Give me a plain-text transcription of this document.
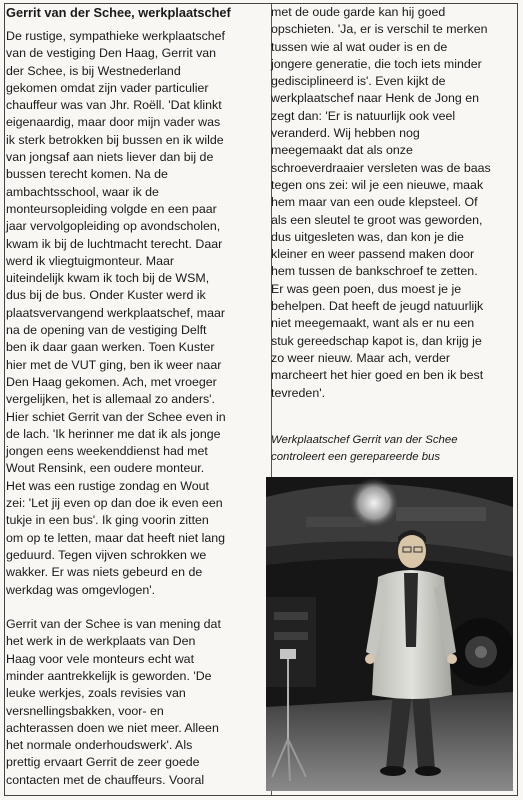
Gerrit van der Schee, werkplaatschef

De rustige, sympathieke werkplaatschef
van de vestiging Den Haag, Gerrit van
der Schee, is bij Westnederland
gekomen omdat zijn vader particulier
chauffeur was van Jhr. Roëll. 'Dat klinkt
eigenaardig, maar door mijn vader was
ik sterk betrokken bij bussen en ik wilde
van jongsaf aan niets liever dan bij de
bussen terecht komen. Na de
ambachtsschool, waar ik de
monteursopleiding volgde en een paar
jaar vervolgopleiding op avondscholen,
kwam ik bij de luchtmacht terecht. Daar
werd ik vliegtuigmonteur. Maar
uiteindelijk kwam ik toch bij de WSM,
dus bij de bus. Onder Kuster werd ik
plaatsvervangend werkplaatschef, maar
na de opening van de vestiging Delft
ben ik daar gaan werken. Toen Kuster
hier met de VUT ging, ben ik weer naar
Den Haag gekomen. Ach, met vroeger
vergelijken, het is allemaal zo anders'.
Hier schiet Gerrit van der Schee even in
de lach. 'Ik herinner me dat ik als jonge
jongen eens weekenddienst had met
Wout Rensink, een oudere monteur.
Het was een rustige zondag en Wout
zei: 'Let jij even op dan doe ik even een
tukje in een bus'. Ik ging voorin zitten
om op te letten, maar dat heeft niet lang
geduurd. Tegen vijven schrokken we
wakker. Er was niets gebeurd en de
werkdag was omgevlogen'.

Gerrit van der Schee is van mening dat
het werk in de werkplaats van Den
Haag voor vele monteurs echt wat
minder aantrekkelijk is geworden. 'De
leuke werkjes, zoals revisies van
versnellingsbakken, voor- en
achterassen doen we niet meer. Alleen
het normale onderhoudswerk'. Als
prettig ervaart Gerrit de zeer goede
contacten met de chauffeurs. Vooral

met de oude garde kan hij goed
opschieten. 'Ja, er is verschil te merken
tussen wie al wat ouder is en de
jongere generatie, die toch iets minder
gedisciplineerd is'. Even kijkt de
werkplaatschef naar Henk de Jong en
zegt dan: 'Er is natuurlijk ook veel
veranderd. Wij hebben nog
meegemaakt dat als onze
schroeverdraaier versleten was de baas
tegen ons zei: wil je een nieuwe, maak
hem maar van een oude klepsteel. Of
als een sleutel te groot was geworden,
dus uitgesleten was, dan kon je die
kleiner en weer passend maken door
hem tussen de bankschroef te zetten.
Er was geen poen, dus moest je je
behelpen. Dat heeft de jeugd natuurlijk
niet meegemaakt, want als er nu een
stuk gereedschap kapot is, dan krijg je
zo weer nieuw. Maar ach, verder
marcheert het hier goed en ben ik best
tevreden'.

Werkplaatschef Gerrit van der Schee
controleert een gerepareerde bus
